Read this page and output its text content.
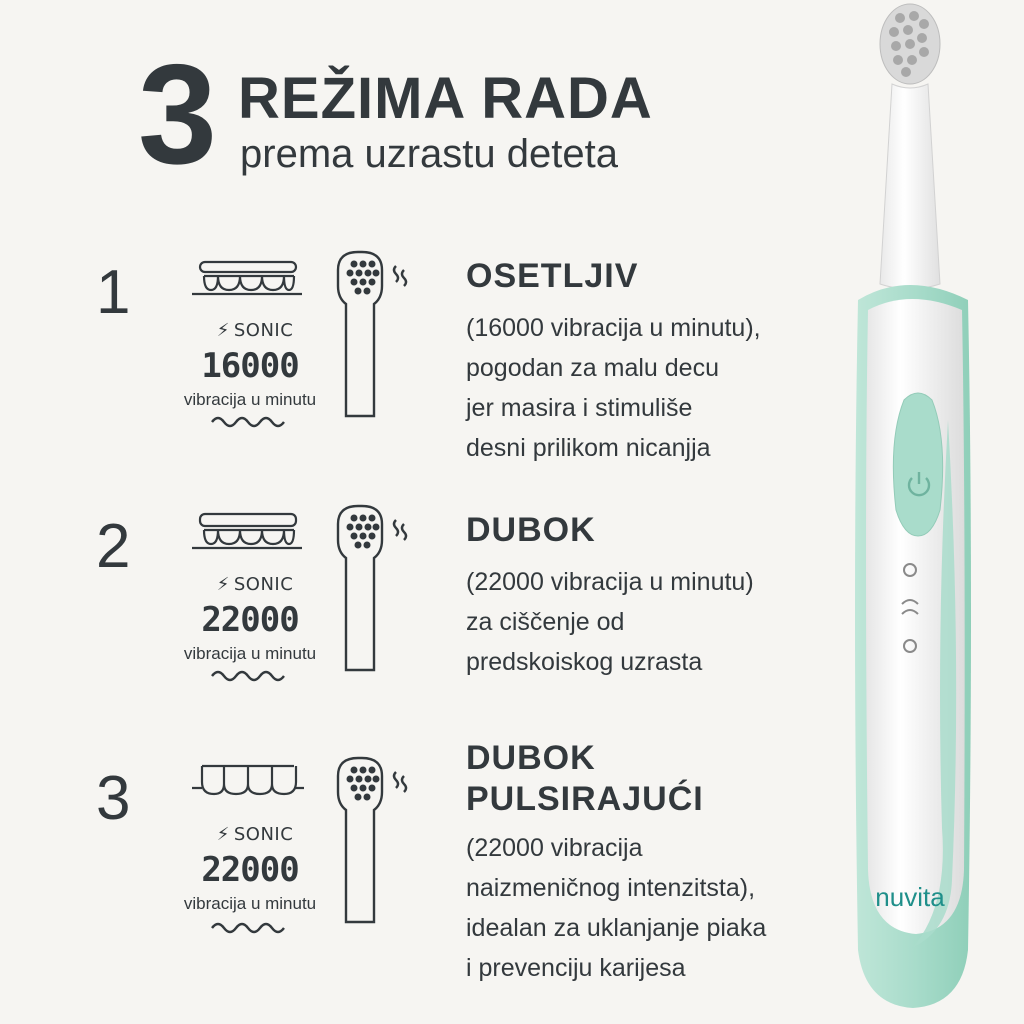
3 REŽIMA RADA
prema uzrastu deteta
1
⚡ SONIC
16000
vibracija u minutu
OSETLJIV
(16000 vibracija u minutu),
pogodan za malu decu
jer masira i stimuliše
desni prilikom nicanjja
2
⚡ SONIC
22000
vibracija u minutu
DUBOK
(22000 vibracija u minutu)
za ciščenje od
predskoiskog uzrasta
3
⚡ SONIC
22000
vibracija u minutu
DUBOK
PULSIRAJUĆI
(22000 vibracija
naizmeničnog intenzitsta),
idealan za uklanjanje piaka
i prevenciju karijesa
nuvita
